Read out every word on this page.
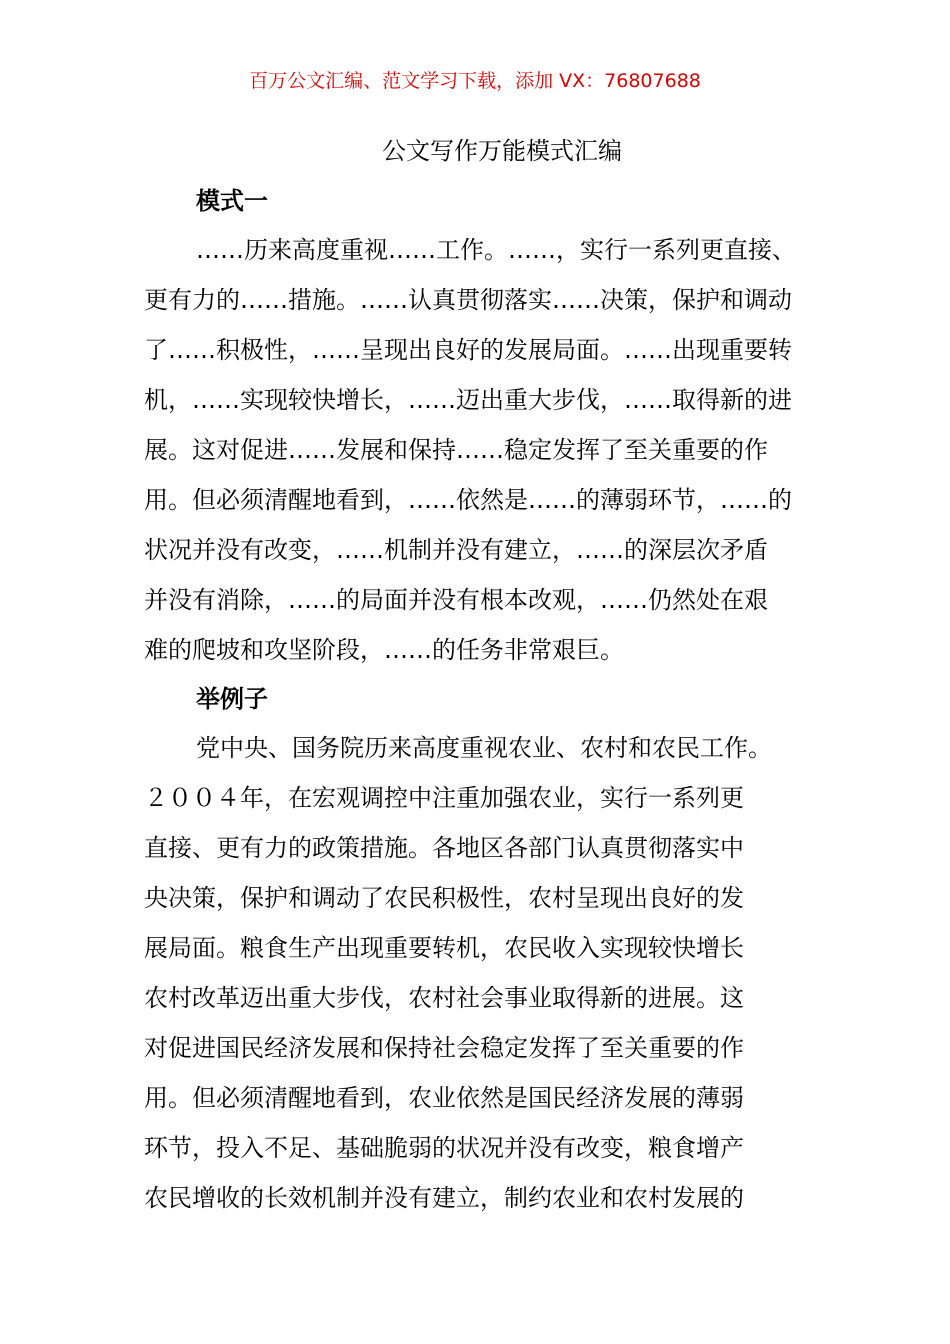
百万公文汇编、范文学习下载，添加 VX：76807688
公文写作万能模式汇编
模式一
……历来高度重视……工作。……，实行一系列更直接、
更有力的……措施。……认真贯彻落实……决策，保护和调动
了……积极性，……呈现出良好的发展局面。……出现重要转
机，……实现较快增长，……迈出重大步伐，……取得新的进
展。这对促进……发展和保持……稳定发挥了至关重要的作
用。但必须清醒地看到，……依然是……的薄弱环节，……的
状况并没有改变，……机制并没有建立，……的深层次矛盾
并没有消除，……的局面并没有根本改观，……仍然处在艰
难的爬坡和攻坚阶段，……的任务非常艰巨。
举例子
党中央、国务院历来高度重视农业、农村和农民工作。
２００４年，在宏观调控中注重加强农业，实行一系列更
直接、更有力的政策措施。各地区各部门认真贯彻落实中
央决策，保护和调动了农民积极性，农村呈现出良好的发
展局面。粮食生产出现重要转机，农民收入实现较快增长
农村改革迈出重大步伐，农村社会事业取得新的进展。这
对促进国民经济发展和保持社会稳定发挥了至关重要的作
用。但必须清醒地看到，农业依然是国民经济发展的薄弱
环节，投入不足、基础脆弱的状况并没有改变，粮食增产
农民增收的长效机制并没有建立，制约农业和农村发展的
